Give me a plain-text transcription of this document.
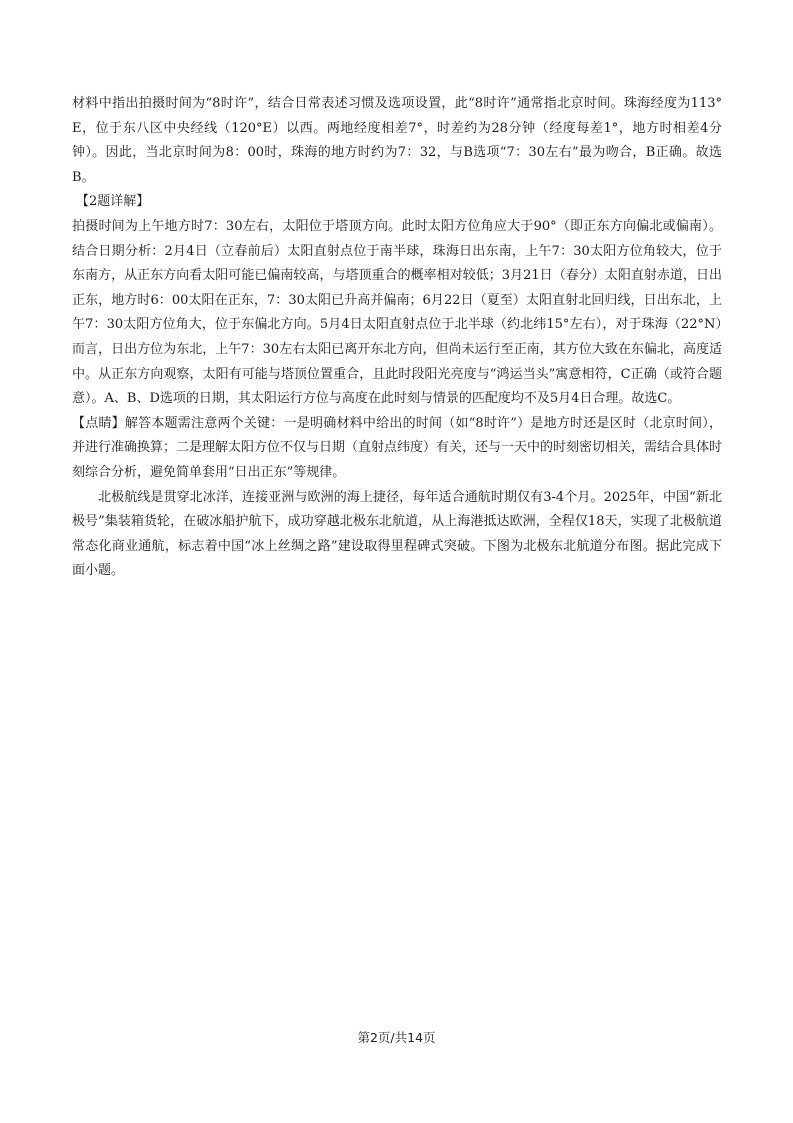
材料中指出拍摄时间为“8时许”，结合日常表述习惯及选项设置，此“8时许”通常指北京时间。珠海经度为113°E，位于东八区中央经线（120°E）以西。两地经度相差7°，时差约为28分钟（经度每差1°，地方时相差4分钟）。因此，当北京时间为8：00时，珠海的地方时约为7：32，与B选项“7：30左右”最为吻合，B正确。故选B。

【2题详解】

拍摄时间为上午地方时7：30左右，太阳位于塔顶方向。此时太阳方位角应大于90°（即正东方向偏北或偏南）。结合日期分析：2月4日（立春前后）太阳直射点位于南半球，珠海日出东南，上午7：30太阳方位角较大，位于东南方，从正东方向看太阳可能已偏南较高，与塔顶重合的概率相对较低；3月21日（春分）太阳直射赤道，日出正东，地方时6：00太阳在正东，7：30太阳已升高并偏南；6月22日（夏至）太阳直射北回归线，日出东北，上午7：30太阳方位角大，位于东偏北方向。5月4日太阳直射点位于北半球（约北纬15°左右），对于珠海（22°N）而言，日出方位为东北，上午7：30左右太阳已离开东北方向，但尚未运行至正南，其方位大致在东偏北，高度适中。从正东方向观察，太阳有可能与塔顶位置重合，且此时段阳光亮度与“鸿运当头”寓意相符，C正确（或符合题意）。A、B、D选项的日期，其太阳运行方位与高度在此时刻与情景的匹配度均不及5月4日合理。故选C。

【点睛】解答本题需注意两个关键：一是明确材料中给出的时间（如“8时许”）是地方时还是区时（北京时间），并进行准确换算；二是理解太阳方位不仅与日期（直射点纬度）有关，还与一天中的时刻密切相关，需结合具体时刻综合分析，避免简单套用“日出正东”等规律。

北极航线是贯穿北冰洋，连接亚洲与欧洲的海上捷径，每年适合通航时期仅有3-4个月。2025年，中国“新北极号”集装箱货轮，在破冰船护航下，成功穿越北极东北航道，从上海港抵达欧洲，全程仅18天，实现了北极航道常态化商业通航，标志着中国“冰上丝绸之路”建设取得里程碑式突破。下图为北极东北航道分布图。据此完成下面小题。

第2页/共14页
